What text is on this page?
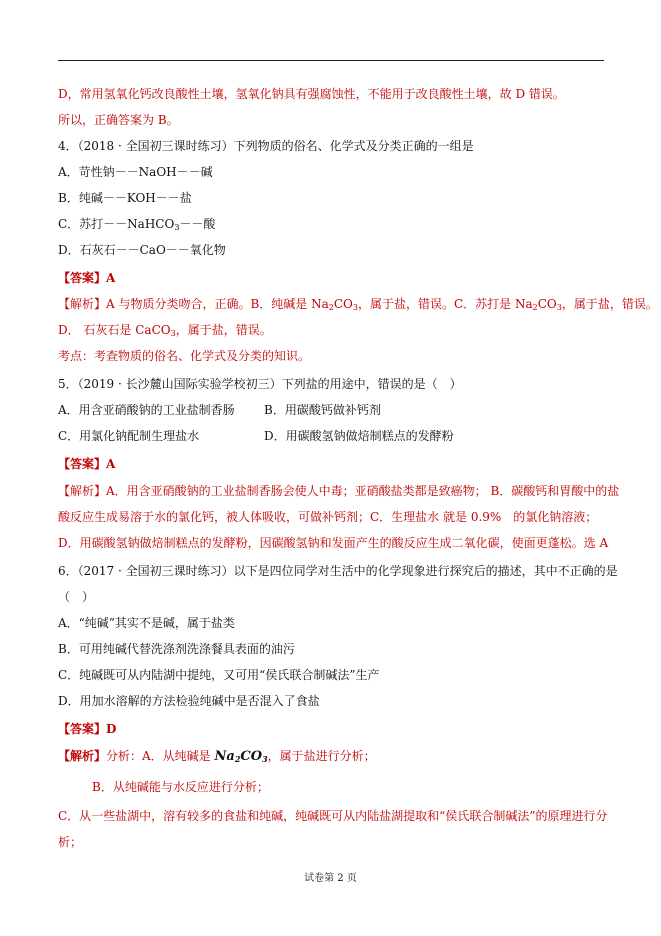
D，常用氢氧化钙改良酸性土壤，氢氧化钠具有强腐蚀性，不能用于改良酸性土壤，故 D 错误。
所以，正确答案为 B。
4．（2018 · 全国初三课时练习）下列物质的俗名、化学式及分类正确的一组是
A．苛性钠－－NaOH－－碱
B．纯碱－－KOH－－盐
C．苏打－－NaHCO$_3$－－酸
D．石灰石－－CaO－－氧化物
【答案】A
【解析】A 与物质分类吻合，正确。B．纯碱是 $Na_2CO_3$，属于盐，错误。C．苏打是 $Na_2CO_3$，属于盐，错误。
D． 石灰石是 CaCO$_3$，属于盐，错误。
考点：考查物质的俗名、化学式及分类的知识。
5．（2019 · 长沙麓山国际实验学校初三）下列盐的用途中，错误的是（　）
A．用含亚硝酸钠的工业盐制香肠 B．用碳酸钙做补钙剂
C．用氯化钠配制生理盐水	D．用碳酸氢钠做焙制糕点的发酵粉
【答案】A
【解析】A．用含亚硝酸钠的工业盐制香肠会使人中毒；亚硝酸盐类都是致癌物； B．碳酸钙和胃酸中的盐
酸反应生成易溶于水的氯化钙，被人体吸收，可做补钙剂；C．生理盐水 就是 0.9%　的氯化钠溶液；
D．用碳酸氢钠做焙制糕点的发酵粉，因碳酸氢钠和发面产生的酸反应生成二氧化碳，使面更蓬松。选 A
6．（2017 · 全国初三课时练习）以下是四位同学对生活中的化学现象进行探究后的描述，其中不正确的是
（　）
A．“纯碱”其实不是碱，属于盐类
B．可用纯碱代替洗涤剂洗涤餐具表面的油污
C．纯碱既可从内陆湖中提纯，又可用“侯氏联合制碱法”生产
D．用加水溶解的方法检验纯碱中是否混入了食盐
【答案】D
【解析】分析：A．从纯碱是 $Na_2CO_3$，属于盐进行分析；
B．从纯碱能与水反应进行分析；
C．从一些盐湖中，溶有较多的食盐和纯碱，纯碱既可从内陆盐湖提取和“侯氏联合制碱法”的原理进行分
析；
试卷第 2 页
